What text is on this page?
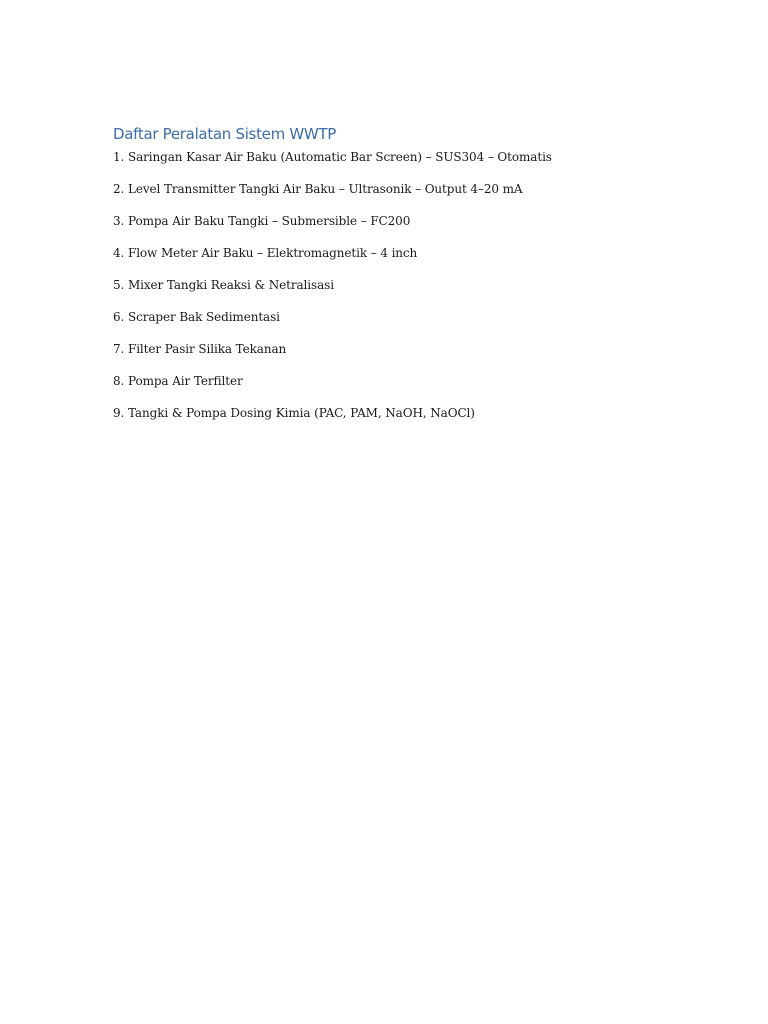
Daftar Peralatan Sistem WWTP
1. Saringan Kasar Air Baku (Automatic Bar Screen) – SUS304 – Otomatis
2. Level Transmitter Tangki Air Baku – Ultrasonik – Output 4–20 mA
3. Pompa Air Baku Tangki – Submersible – FC200
4. Flow Meter Air Baku – Elektromagnetik – 4 inch
5. Mixer Tangki Reaksi & Netralisasi
6. Scraper Bak Sedimentasi
7. Filter Pasir Silika Tekanan
8. Pompa Air Terfilter
9. Tangki & Pompa Dosing Kimia (PAC, PAM, NaOH, NaOCl)
